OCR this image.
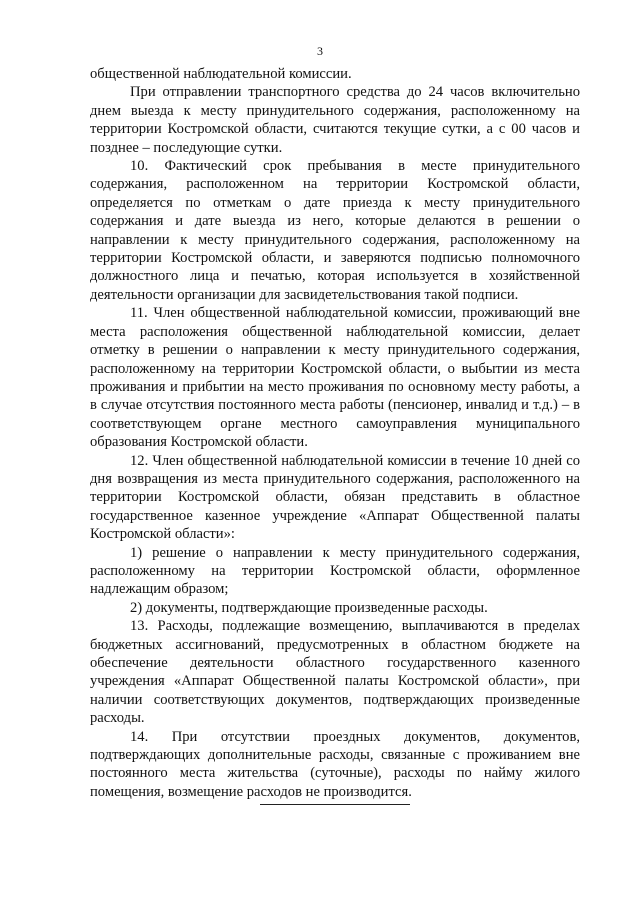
3

общественной наблюдательной комиссии.

При отправлении транспортного средства до 24 часов включительно днем выезда к месту принудительного содержания, расположенному на территории Костромской области, считаются текущие сутки, а с 00 часов и позднее – последующие сутки.

10. Фактический срок пребывания в месте принудительного содержания, расположенном на территории Костромской области, определяется по отметкам о дате приезда к месту принудительного содержания и дате выезда из него, которые делаются в решении о направлении к месту принудительного содержания, расположенному на территории Костромской области, и заверяются подписью полномочного должностного лица и печатью, которая используется в хозяйственной деятельности организации для засвидетельствования такой подписи.

11. Член общественной наблюдательной комиссии, проживающий вне места расположения общественной наблюдательной комиссии, делает отметку в решении о направлении к месту принудительного содержания, расположенному на территории Костромской области, о выбытии из места проживания и прибытии на место проживания по основному месту работы, а в случае отсутствия постоянного места работы (пенсионер, инвалид и т.д.) – в соответствующем органе местного самоуправления муниципального образования Костромской области.

12. Член общественной наблюдательной комиссии в течение 10 дней со дня возвращения из места принудительного содержания, расположенного на территории Костромской области, обязан представить в областное государственное казенное учреждение «Аппарат Общественной палаты Костромской области»:

1) решение о направлении к месту принудительного содержания, расположенному на территории Костромской области, оформленное надлежащим образом;

2) документы, подтверждающие произведенные расходы.

13. Расходы, подлежащие возмещению, выплачиваются в пределах бюджетных ассигнований, предусмотренных в областном бюджете на обеспечение деятельности областного государственного казенного учреждения «Аппарат Общественной палаты Костромской области», при наличии соответствующих документов, подтверждающих произведенные расходы.

14. При отсутствии проездных документов, документов, подтверждающих дополнительные расходы, связанные с проживанием вне постоянного места жительства (суточные), расходы по найму жилого помещения, возмещение расходов не производится.
